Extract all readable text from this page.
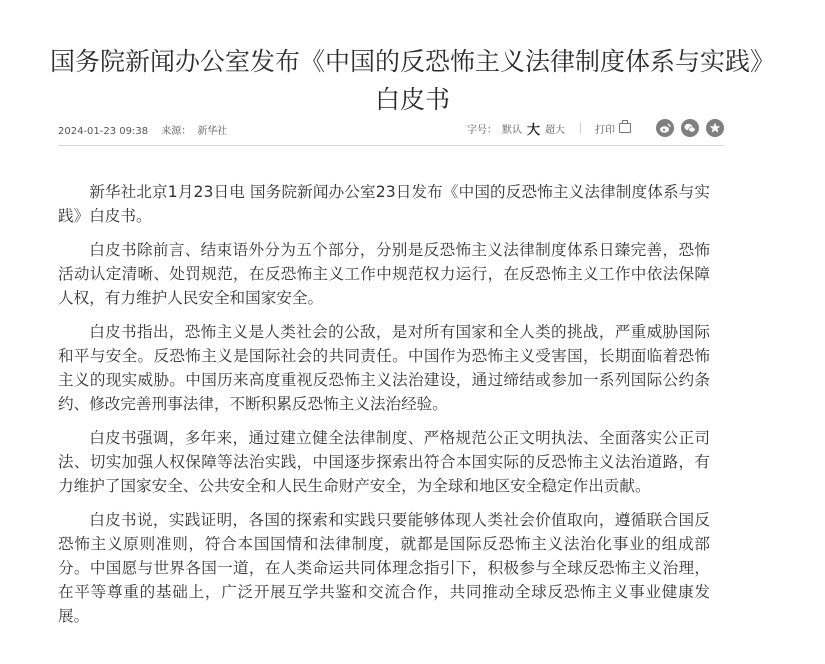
国务院新闻办公室发布《中国的反恐怖主义法律制度体系与实践》白皮书
2024-01-23 09:38 来源： 新华社	字号： 默认 大 超大	打印

新华社北京1月23日电 国务院新闻办公室23日发布《中国的反恐怖主义法律制度体系与实践》白皮书。

白皮书除前言、结束语外分为五个部分，分别是反恐怖主义法律制度体系日臻完善，恐怖活动认定清晰、处罚规范，在反恐怖主义工作中规范权力运行，在反恐怖主义工作中依法保障人权，有力维护人民安全和国家安全。

白皮书指出，恐怖主义是人类社会的公敌，是对所有国家和全人类的挑战，严重威胁国际和平与安全。反恐怖主义是国际社会的共同责任。中国作为恐怖主义受害国，长期面临着恐怖主义的现实威胁。中国历来高度重视反恐怖主义法治建设，通过缔结或参加一系列国际公约条约、修改完善刑事法律，不断积累反恐怖主义法治经验。

白皮书强调，多年来，通过建立健全法律制度、严格规范公正文明执法、全面落实公正司法、切实加强人权保障等法治实践，中国逐步探索出符合本国实际的反恐怖主义法治道路，有力维护了国家安全、公共安全和人民生命财产安全，为全球和地区安全稳定作出贡献。

白皮书说，实践证明，各国的探索和实践只要能够体现人类社会价值取向，遵循联合国反恐怖主义原则准则，符合本国国情和法律制度，就都是国际反恐怖主义法治化事业的组成部分。中国愿与世界各国一道，在人类命运共同体理念指引下，积极参与全球反恐怖主义治理，在平等尊重的基础上，广泛开展互学共鉴和交流合作，共同推动全球反恐怖主义事业健康发展。
